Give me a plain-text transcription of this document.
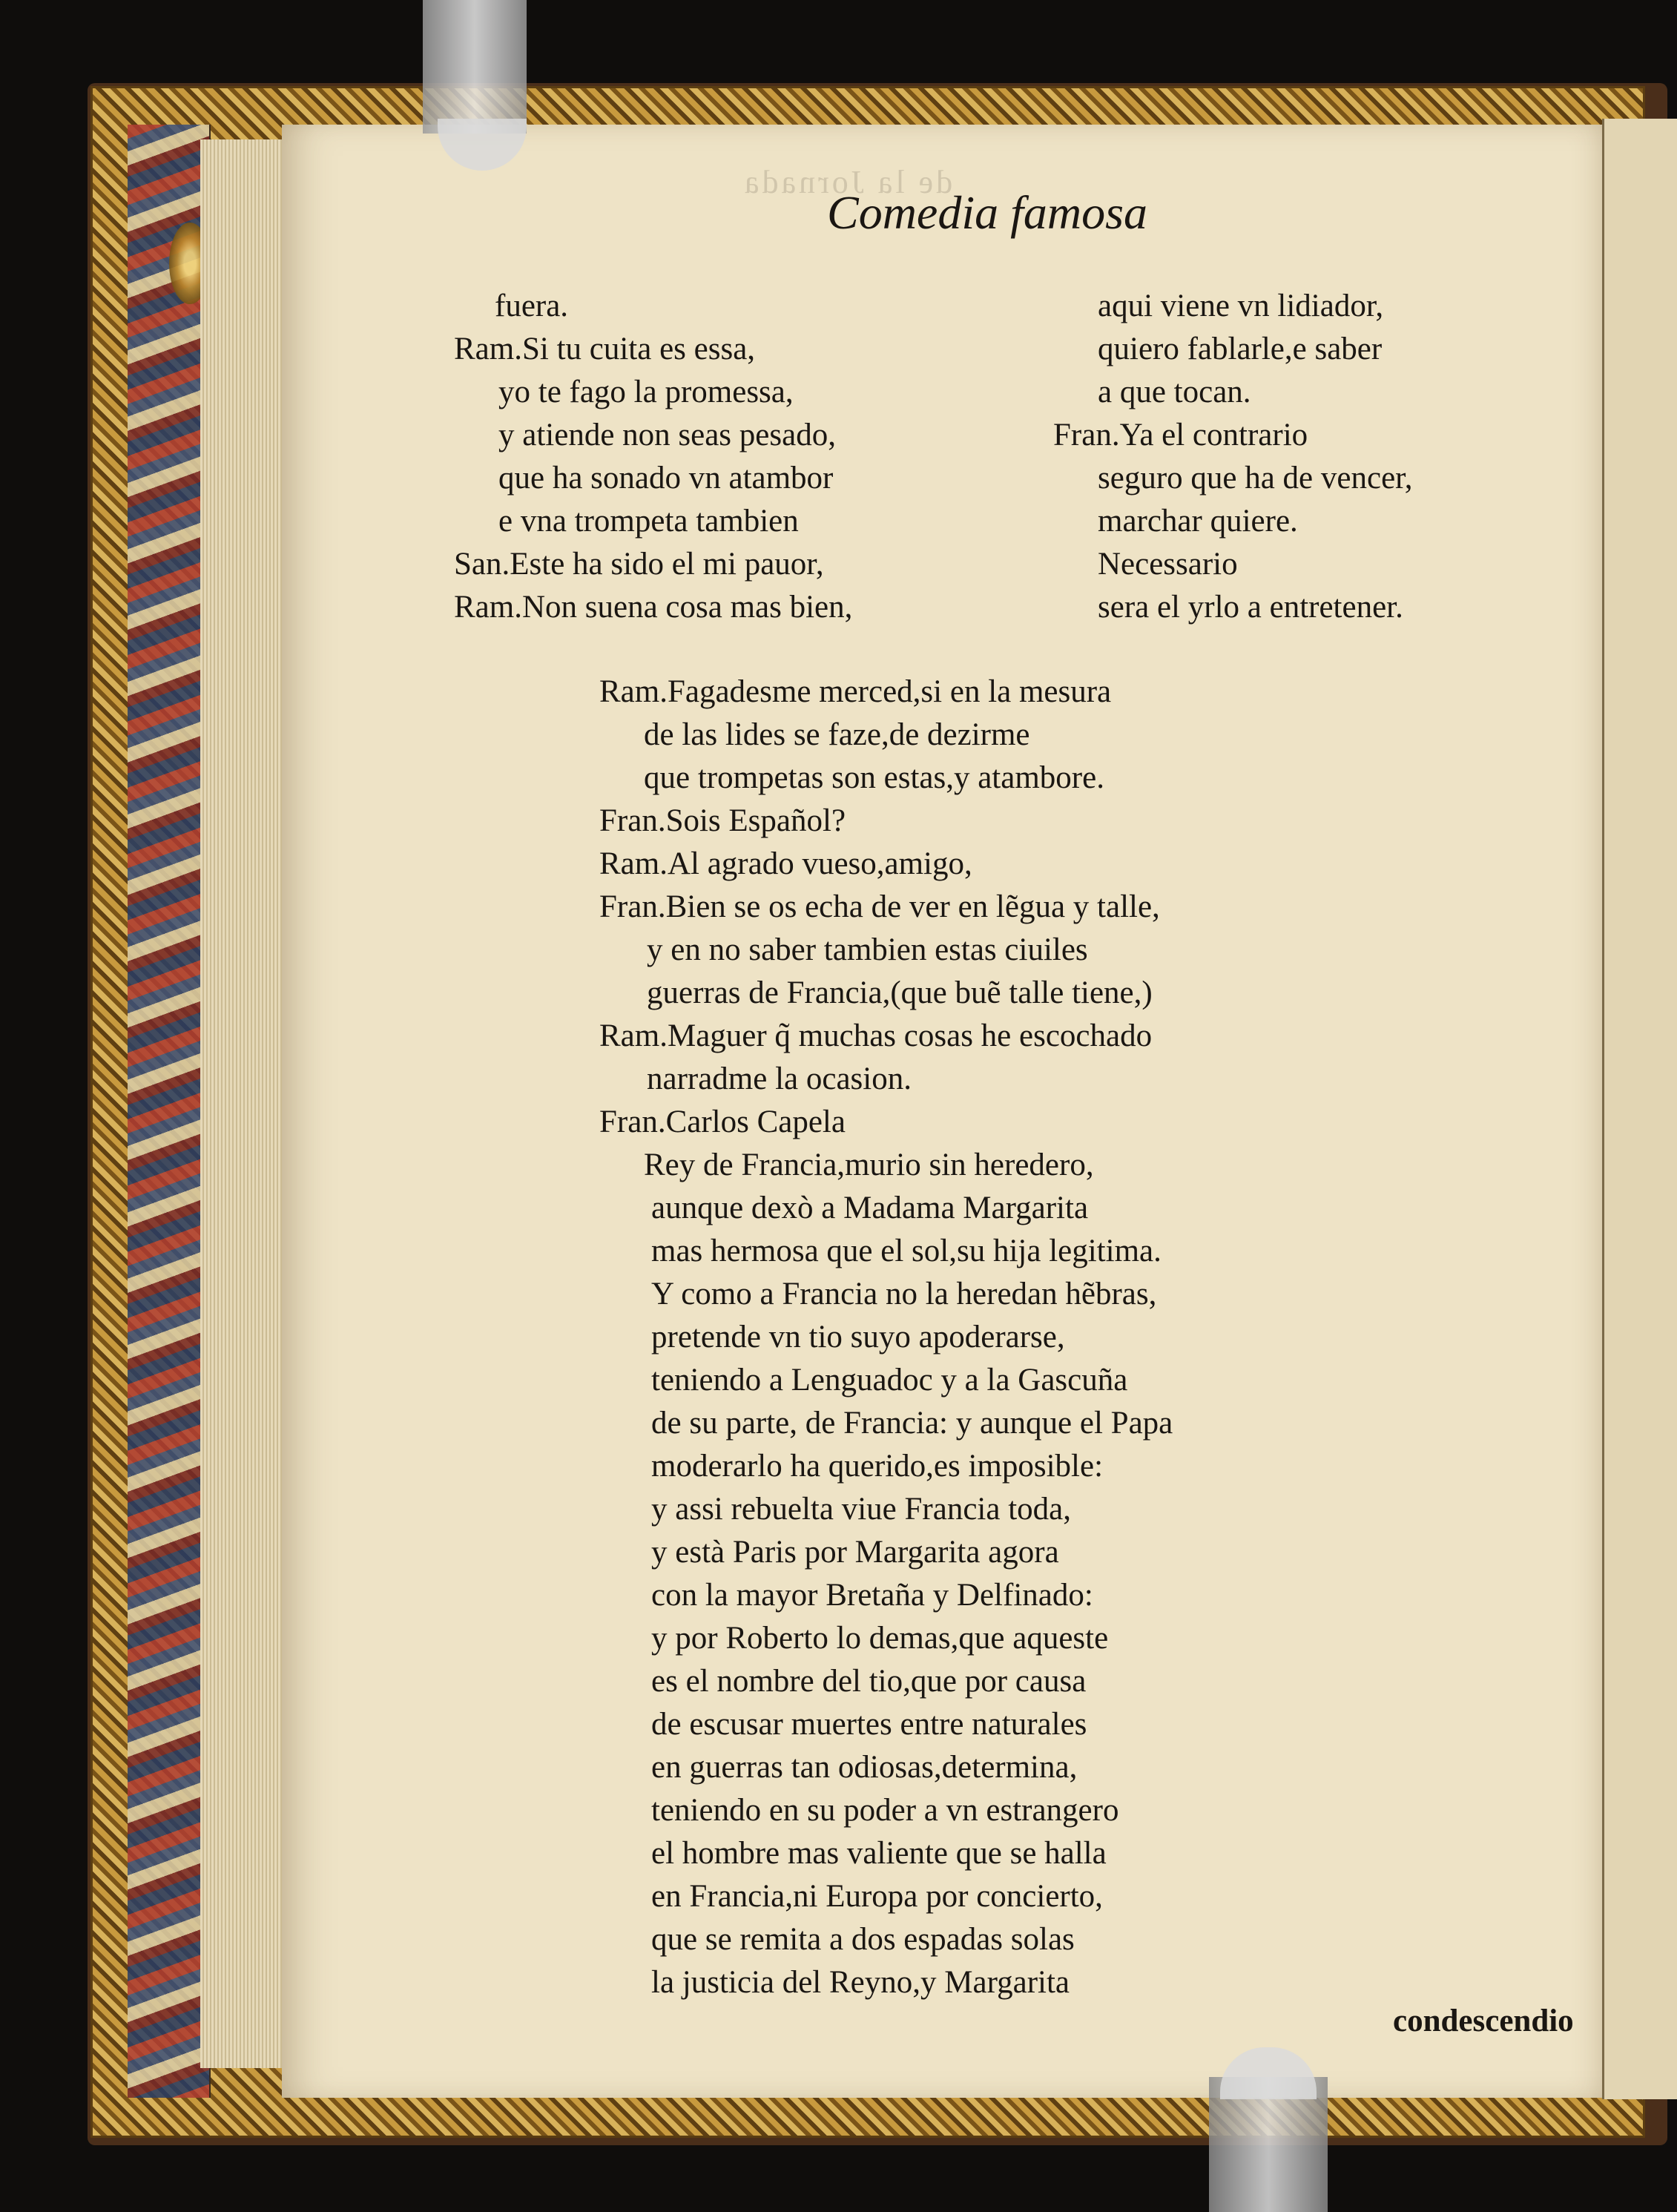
de la Jornada
Comedia famosa
fuera.
Ram.Si tu cuita es essa,
yo te fago la promessa,
y atiende non seas pesado,
que ha sonado vn atambor
e vna trompeta tambien
San.Este ha sido el mi pauor,
Ram.Non suena cosa mas bien,
aqui viene vn lidiador,
quiero fablarle,e saber
a que tocan.
Fran.Ya el contrario
seguro que ha de vencer,
marchar quiere.
Necessario
sera el yrlo a entretener.
Ram.Fagadesme merced,si en la mesura
de las lides se faze,de dezirme
que trompetas son estas,y atambore.
Fran.Sois Español?
Ram.Al agrado vueso,amigo,
Fran.Bien se os echa de ver en lẽgua y talle,
y en no saber tambien estas ciuiles
guerras de Francia,(que buẽ talle tiene,)
Ram.Maguer q̃ muchas cosas he escochado
narradme la ocasion.
Fran.Carlos Capela
Rey de Francia,murio sin heredero,
aunque dexò a Madama Margarita
mas hermosa que el sol,su hija legitima.
Y como a Francia no la heredan hẽbras,
pretende vn tio suyo apoderarse,
teniendo a Lenguadoc y a la Gascuña
de su parte, de Francia: y aunque el Papa
moderarlo ha querido,es imposible:
y assi rebuelta viue Francia toda,
y està Paris por Margarita agora
con la mayor Bretaña y Delfinado:
y por Roberto lo demas,que aqueste
es el nombre del tio,que por causa
de escusar muertes entre naturales
en guerras tan odiosas,determina,
teniendo en su poder a vn estrangero
el hombre mas valiente que se halla
en Francia,ni Europa por concierto,
que se remita a dos espadas solas
la justicia del Reyno,y Margarita
condescendio
